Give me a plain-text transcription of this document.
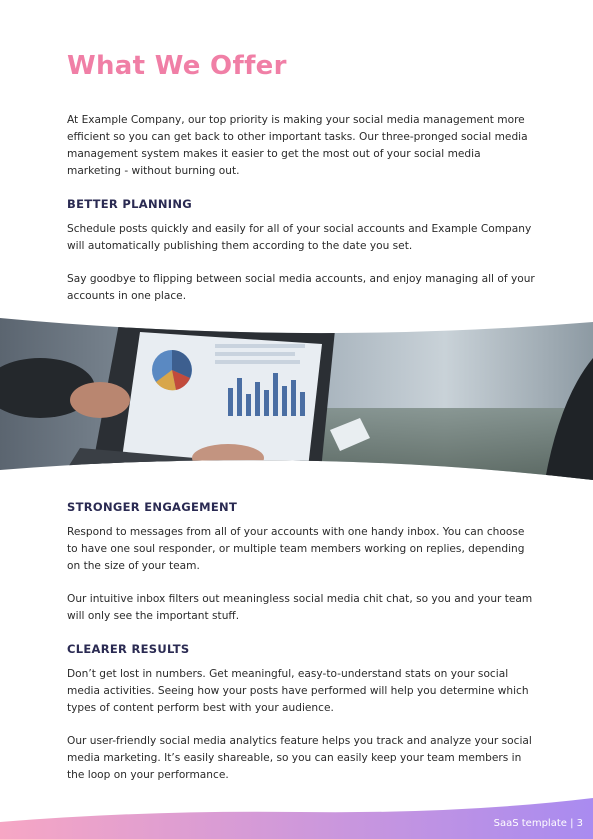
What We Offer

At Example Company, our top priority is making your social media management more efficient so you can get back to other important tasks. Our three-pronged social media management system makes it easier to get the most out of your social media marketing - without burning out.

BETTER PLANNING

Schedule posts quickly and easily for all of your social accounts and Example Company will automatically publishing them according to the date you set.

Say goodbye to flipping between social media accounts, and enjoy managing all of your accounts in one place.

STRONGER ENGAGEMENT

Respond to messages from all of your accounts with one handy inbox. You can choose to have one soul responder, or multiple team members working on replies, depending on the size of your team.

Our intuitive inbox filters out meaningless social media chit chat, so you and your team will only see the important stuff.

CLEARER RESULTS

Don’t get lost in numbers. Get meaningful, easy-to-understand stats on your social media activities. Seeing how your posts have performed will help you determine which types of content perform best with your audience.

Our user-friendly social media analytics feature helps you track and analyze your social media marketing. It’s easily shareable, so you can easily keep your team members in the loop on your performance.

SaaS template | 3
